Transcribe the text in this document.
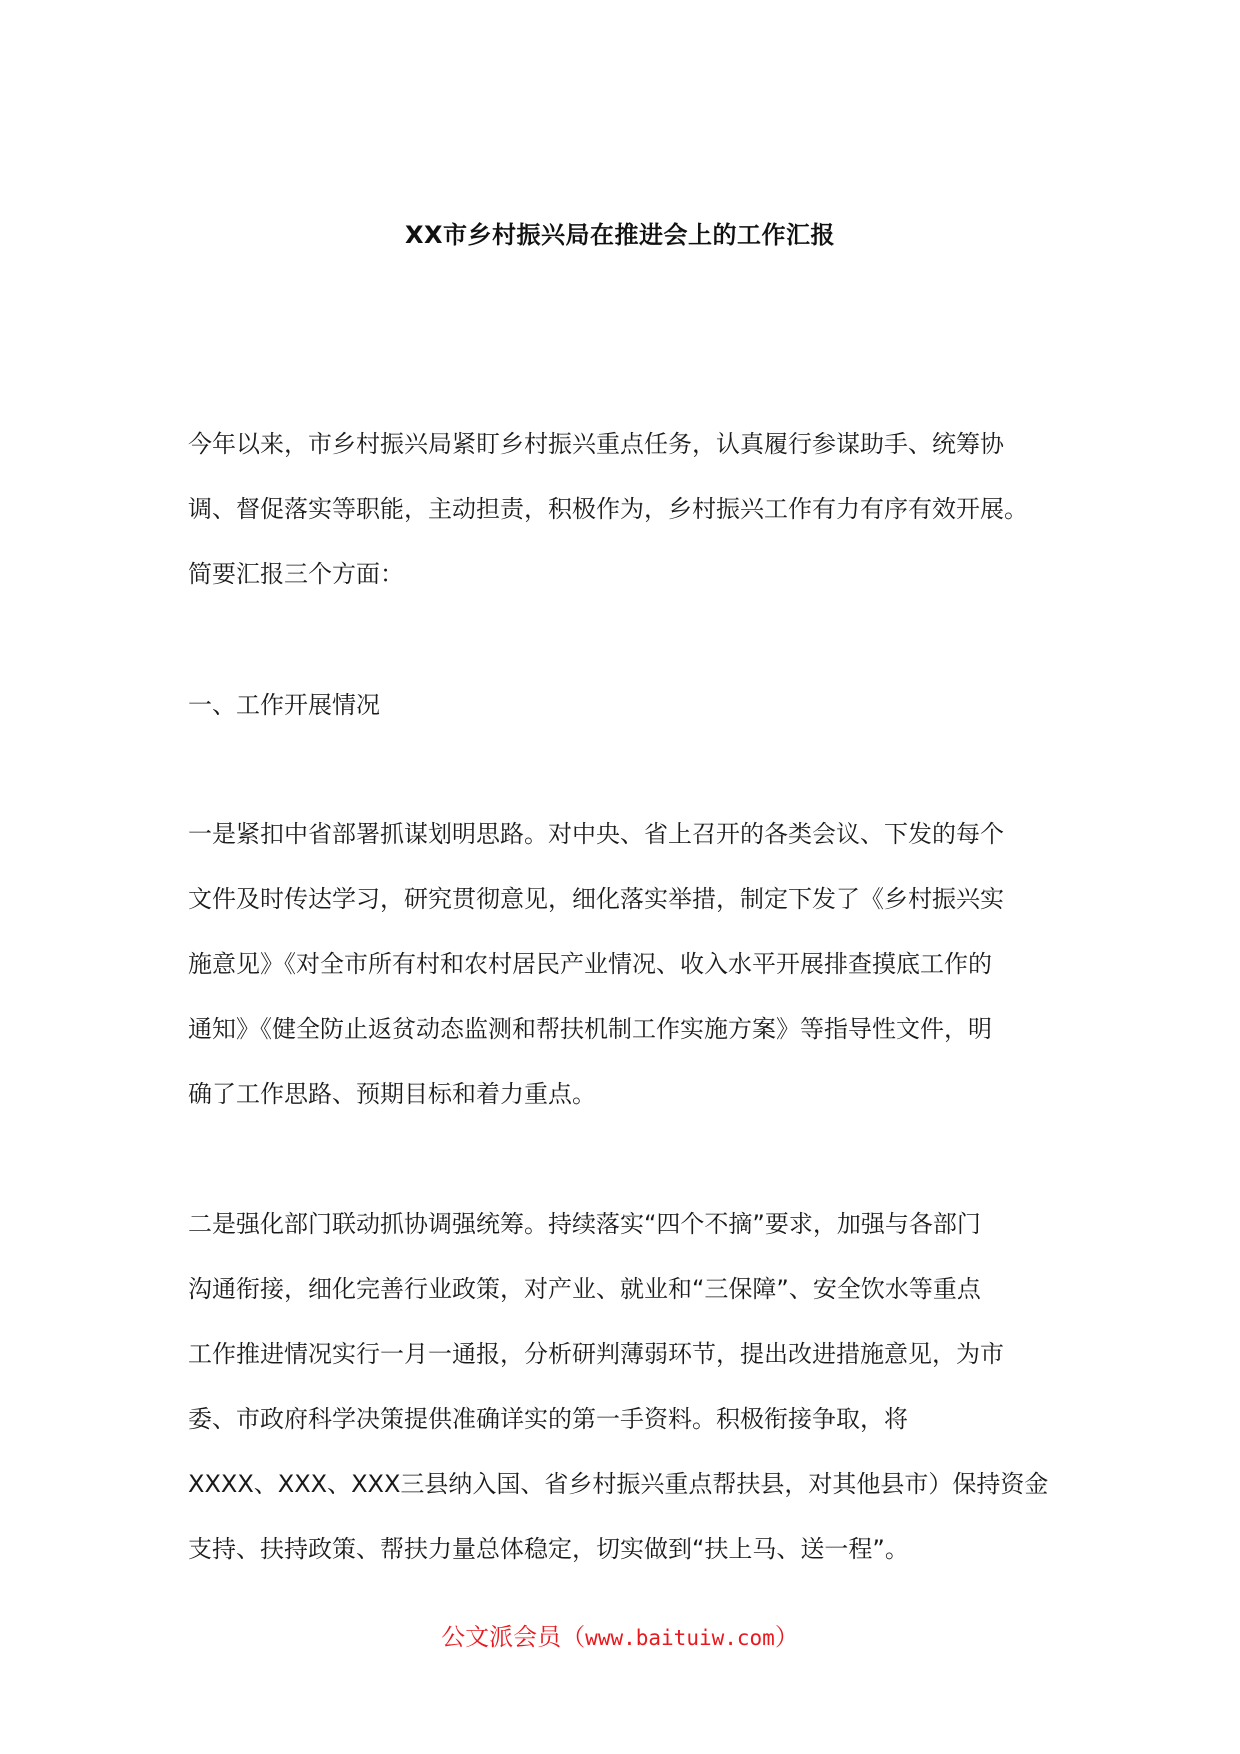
XX市乡村振兴局在推进会上的工作汇报
今年以来，市乡村振兴局紧盯乡村振兴重点任务，认真履行参谋助手、统筹协
调、督促落实等职能，主动担责，积极作为，乡村振兴工作有力有序有效开展。
简要汇报三个方面：
一、工作开展情况
一是紧扣中省部署抓谋划明思路。对中央、省上召开的各类会议、下发的每个
文件及时传达学习，研究贯彻意见，细化落实举措，制定下发了《乡村振兴实
施意见》《对全市所有村和农村居民产业情况、收入水平开展排查摸底工作的
通知》《健全防止返贫动态监测和帮扶机制工作实施方案》等指导性文件，明
确了工作思路、预期目标和着力重点。
二是强化部门联动抓协调强统筹。持续落实“四个不摘”要求，加强与各部门
沟通衔接，细化完善行业政策，对产业、就业和“三保障”、安全饮水等重点
工作推进情况实行一月一通报，分析研判薄弱环节，提出改进措施意见，为市
委、市政府科学决策提供准确详实的第一手资料。积极衔接争取，将
XXXX、XXX、XXX三县纳入国、省乡村振兴重点帮扶县，对其他县市）保持资金
支持、扶持政策、帮扶力量总体稳定，切实做到“扶上马、送一程”。
公文派会员（www.baituiw.com）
